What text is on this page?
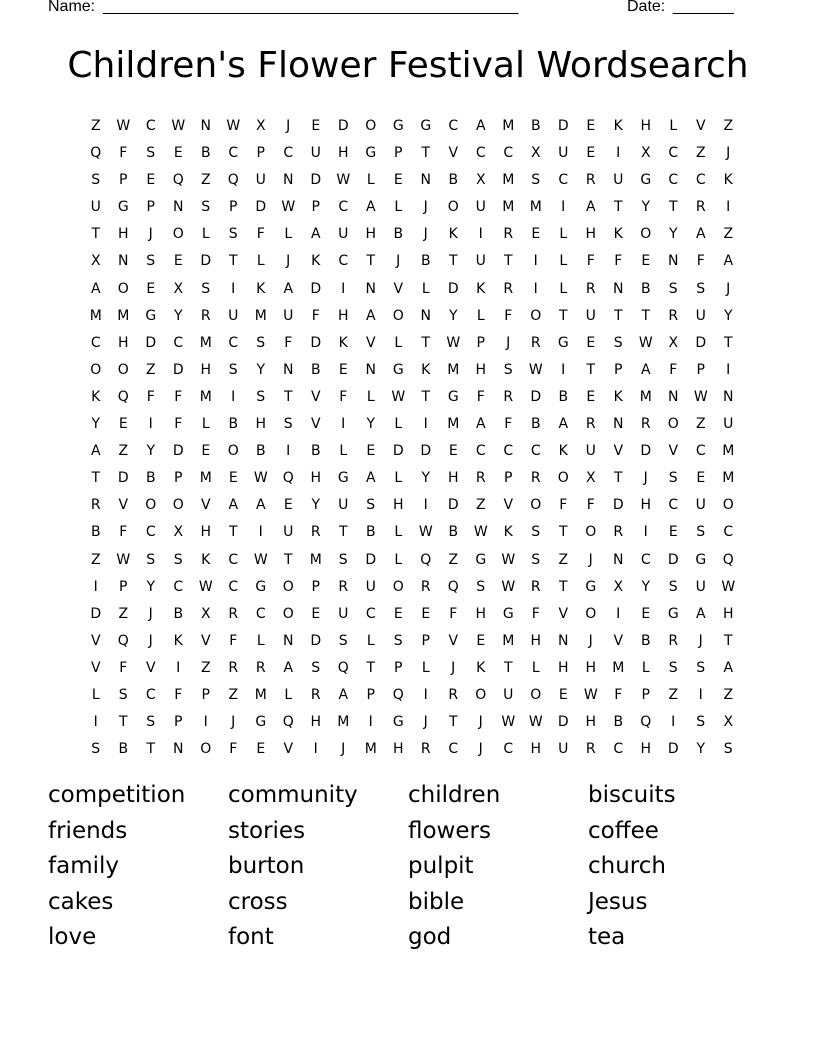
Name: ________________________________________________	Date: _______
Children's Flower Festival Wordsearch
Z	W	C	W	N	W	X	J	E	D	O	G	G	C	A	M	B	D	E	K	H	L	V	Z
Q	F	S	E	B	C	P	C	U	H	G	P	T	V	C	C	X	U	E	I	X	C	Z	J
S	P	E	Q	Z	Q	U	N	D	W	L	E	N	B	X	M	S	C	R	U	G	C	C	K
U	G	P	N	S	P	D	W	P	C	A	L	J	O	U	M	M	I	A	T	Y	T	R	I
T	H	J	O	L	S	F	L	A	U	H	B	J	K	I	R	E	L	H	K	O	Y	A	Z
X	N	S	E	D	T	L	J	K	C	T	J	B	T	U	T	I	L	F	F	E	N	F	A
A	O	E	X	S	I	K	A	D	I	N	V	L	D	K	R	I	L	R	N	B	S	S	J
M	M	G	Y	R	U	M	U	F	H	A	O	N	Y	L	F	O	T	U	T	T	R	U	Y
C	H	D	C	M	C	S	F	D	K	V	L	T	W	P	J	R	G	E	S	W	X	D	T
O	O	Z	D	H	S	Y	N	B	E	N	G	K	M	H	S	W	I	T	P	A	F	P	I
K	Q	F	F	M	I	S	T	V	F	L	W	T	G	F	R	D	B	E	K	M	N	W	N
Y	E	I	F	L	B	H	S	V	I	Y	L	I	M	A	F	B	A	R	N	R	O	Z	U
A	Z	Y	D	E	O	B	I	B	L	E	D	D	E	C	C	C	K	U	V	D	V	C	M
T	D	B	P	M	E	W	Q	H	G	A	L	Y	H	R	P	R	O	X	T	J	S	E	M
R	V	O	O	V	A	A	E	Y	U	S	H	I	D	Z	V	O	F	F	D	H	C	U	O
B	F	C	X	H	T	I	U	R	T	B	L	W	B	W	K	S	T	O	R	I	E	S	C
Z	W	S	S	K	C	W	T	M	S	D	L	Q	Z	G	W	S	Z	J	N	C	D	G	Q
I	P	Y	C	W	C	G	O	P	R	U	O	R	Q	S	W	R	T	G	X	Y	S	U	W
D	Z	J	B	X	R	C	O	E	U	C	E	E	F	H	G	F	V	O	I	E	G	A	H
V	Q	J	K	V	F	L	N	D	S	L	S	P	V	E	M	H	N	J	V	B	R	J	T
V	F	V	I	Z	R	R	A	S	Q	T	P	L	J	K	T	L	H	H	M	L	S	S	A
L	S	C	F	P	Z	M	L	R	A	P	Q	I	R	O	U	O	E	W	F	P	Z	I	Z
I	T	S	P	I	J	G	Q	H	M	I	G	J	T	J	W W	D	H	B	Q	I	S	X
S	B	T	N	O	F	E	V	I	J	M	H	R	C	J	C	H	U	R	C	H	D	Y	S
competition	community	children	biscuits
friends	stories	flowers	coffee
family	burton	pulpit	church
cakes	cross	bible	Jesus
love	font	god	tea
